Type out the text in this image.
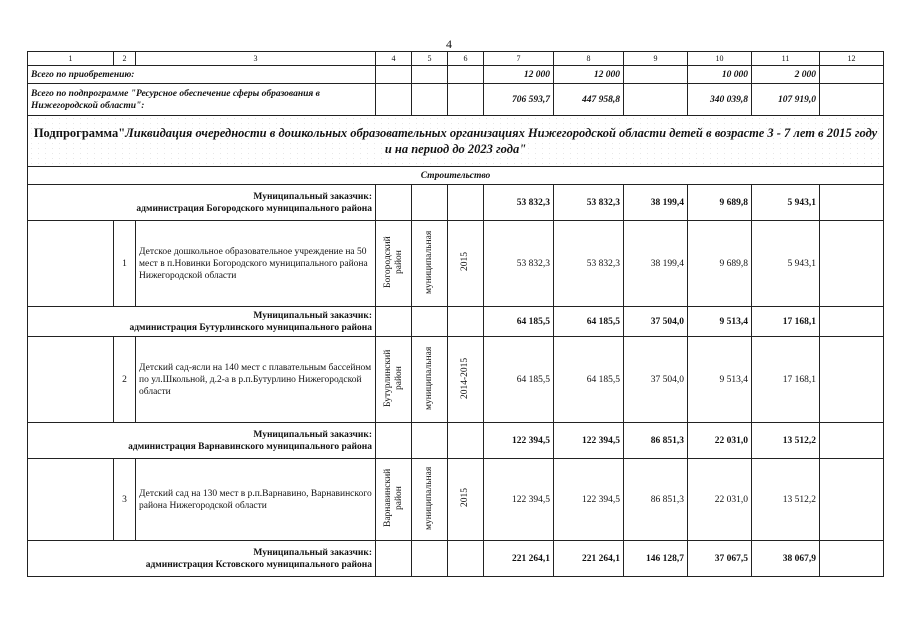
4
1	2	3	4	5	6	7	8	9	10	11	12
Всего по приобретению:						12 000	12 000		10 000	2 000	
Всего по подпрограмме "Ресурсное обеспечение сферы образования в Нижегородской области":						706 593,7	447 958,8		340 039,8	107 919,0	

Подпрограмма"Ликвидация очередности в дошкольных образовательных организациях Нижегородской области детей в возрасте 3 - 7 лет в 2015 году и на период до 2023 года"											
Строительство											

Муниципальный заказчик:
администрация Богородского муниципального района						53 832,3	53 832,3	38 199,4	9 689,8	5 943,1	
	1	Детское дошкольное образовательное учреждение на 50 мест в п.Новинки Богородского муниципального района Нижегородской области	Богородский район	муниципальная	2015	53 832,3	53 832,3	38 199,4	9 689,8	5 943,1	

Муниципальный заказчик:
администрация Бутурлинского муниципального района						64 185,5	64 185,5	37 504,0	9 513,4	17 168,1	
	2	Детский сад-ясли на 140 мест с плавательным бассейном по ул.Школьной, д.2-а в р.п.Бутурлино Нижегородской области	Бутурлинский район	муниципальная	2014-2015	64 185,5	64 185,5	37 504,0	9 513,4	17 168,1	

Муниципальный заказчик:
администрация Варнавинского муниципального района						122 394,5	122 394,5	86 851,3	22 031,0	13 512,2	
	3	Детский сад на 130 мест в р.п.Варнавино, Варнавинского района Нижегородской области	Варнавинский район	муниципальная	2015	122 394,5	122 394,5	86 851,3	22 031,0	13 512,2	

Муниципальный заказчик:
администрация Кстовского муниципального района						221 264,1	221 264,1	146 128,7	37 067,5	38 067,9	
